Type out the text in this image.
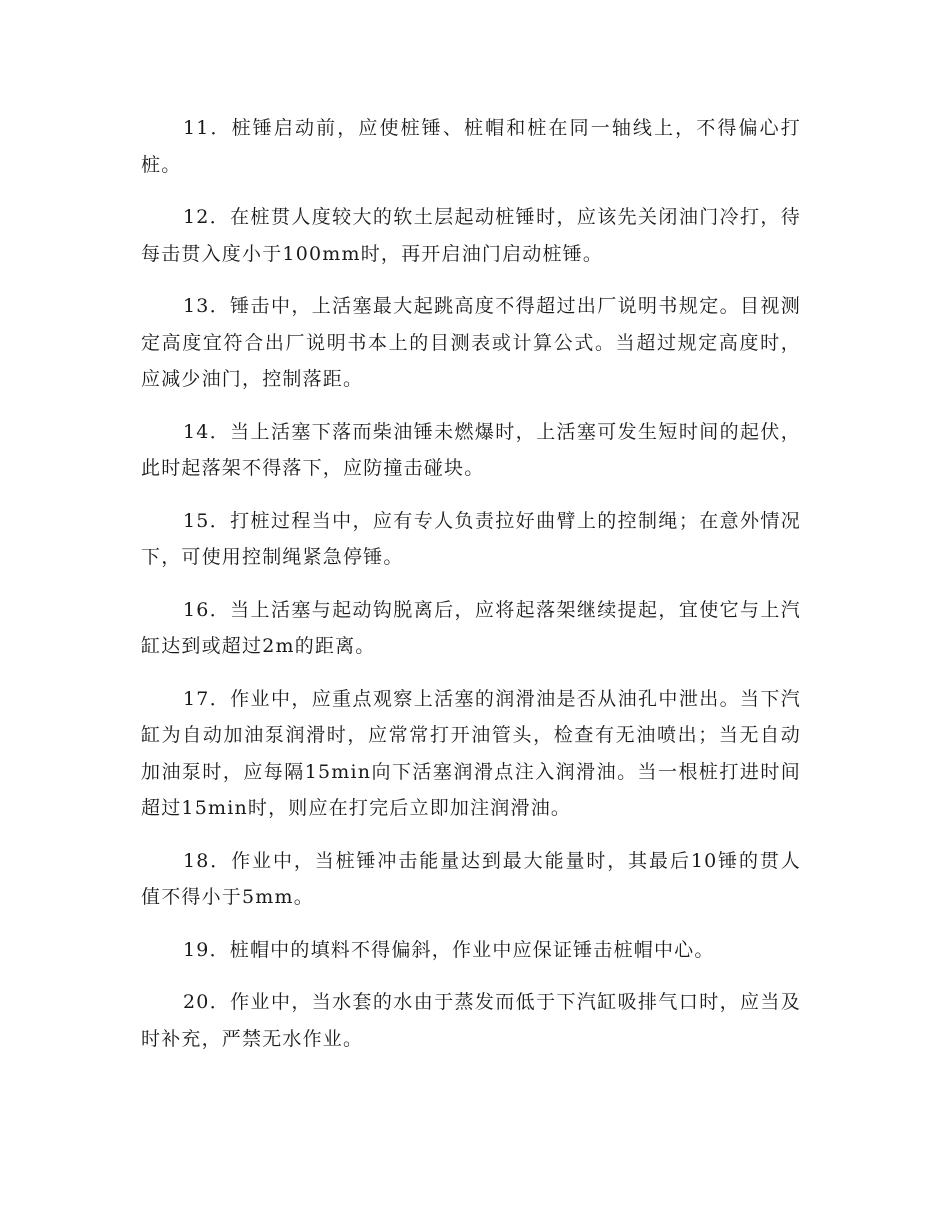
11．桩锤启动前，应使桩锤、桩帽和桩在同一轴线上，不得偏心打桩。

12．在桩贯人度较大的软土层起动桩锤时，应该先关闭油门冷打，待每击贯入度小于100mm时，再开启油门启动桩锤。

13．锤击中，上活塞最大起跳高度不得超过出厂说明书规定。目视测定高度宜符合出厂说明书本上的目测表或计算公式。当超过规定高度时，应减少油门，控制落距。

14．当上活塞下落而柴油锤未燃爆时，上活塞可发生短时间的起伏，此时起落架不得落下，应防撞击碰块。

15．打桩过程当中，应有专人负责拉好曲臂上的控制绳；在意外情况下，可使用控制绳紧急停锤。

16．当上活塞与起动钩脱离后，应将起落架继续提起，宜使它与上汽缸达到或超过2m的距离。

17．作业中，应重点观察上活塞的润滑油是否从油孔中泄出。当下汽缸为自动加油泵润滑时，应常常打开油管头，检查有无油喷出；当无自动加油泵时，应每隔15min向下活塞润滑点注入润滑油。当一根桩打进时间超过15min时，则应在打完后立即加注润滑油。

18．作业中，当桩锤冲击能量达到最大能量时，其最后10锤的贯人值不得小于5mm。

19．桩帽中的填料不得偏斜，作业中应保证锤击桩帽中心。

20．作业中，当水套的水由于蒸发而低于下汽缸吸排气口时，应当及时补充，严禁无水作业。
